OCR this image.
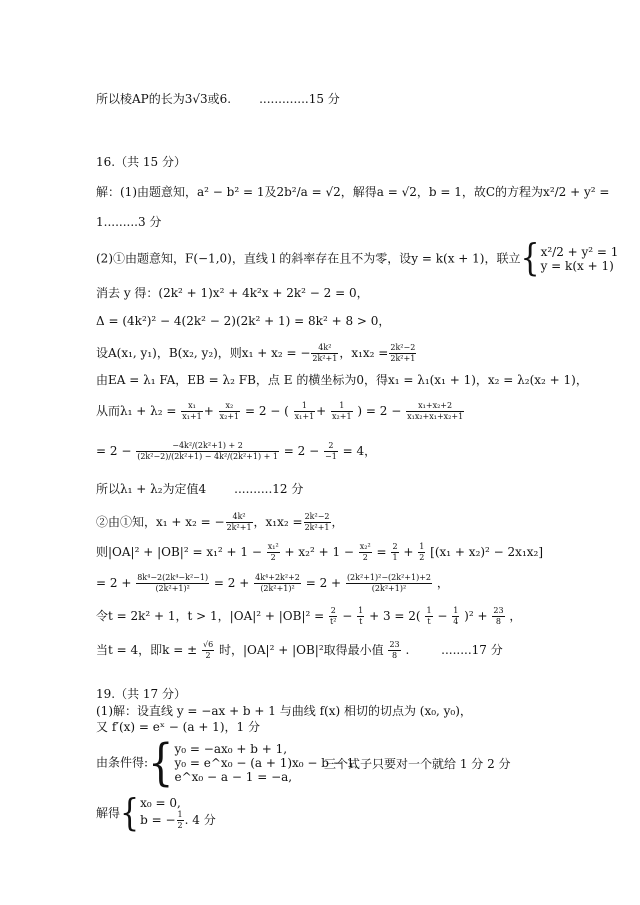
所以棱AP的长为3√3或6. .............15 分
16.（共 15 分）
解：(1)由题意知，a² − b² = 1及2b²/a = √2，解得a = √2，b = 1，故C的方程为x²/2 + y² =
1.........3 分
(2)①由题意知，F(−1,0)，直线 l 的斜率存在且不为零，设y = k(x + 1)，联立{ x²/2 + y² = 1
y = k(x + 1)
消去 y 得：(2k² + 1)x² + 4k²x + 2k² − 2 = 0，
Δ = (4k²)² − 4(2k² − 2)(2k² + 1) = 8k² + 8 > 0，
设A(x₁, y₁)，B(x₂, y₂)，则x₁ + x₂ = − $\frac{\text{4k²}}{\text{2k²+1}}$ ，$x_1x_2 = \frac{\text{2k²−2}}{\text{2k²+1}}$
由EA = λ₁ FA，EB = λ₂ FB，点 E 的横坐标为0，得x₁ = λ₁(x₁ + 1)，x₂ = λ₂(x₂ + 1)，
从而$\lambda_1 + \lambda_2 = \frac{\text{x₁}}{\text{x₁+1}} + \frac{\text{x₂}}{\text{x₂+1}} = 2$ − ( $\frac{1}{\text{x₁+1}} + \frac{1}{\text{x₂+1}}$ ) = $2 - \frac{\text{x₁+x₂+2}}{\text{x₁x₂+x₁+x₂+1}}$
= $2 - \frac{\text{−4k²/(2k²+1) + 2}}{\text{(2k²−2)/(2k²+1) − 4k²/(2k²+1) + 1}} = 2 - \frac{2}{-1} = 4$，
所以λ₁ + λ₂为定值4 ..........12 分
②由①知，x₁ + x₂ = − $\frac{\text{4k²}}{\text{2k²+1}}$ ，$x_1x_2 = \frac{\text{2k²−2}}{\text{2k²+1}}$ ，
则$|OA|^2 + |OB|^2 = x_1^2 + 1 - \frac{\text{x₁²}}{2} + x_2^2 + 1 - \frac{\text{x₂²}}{2} = \frac{2}{1} + \frac{1}{2} [(x_1 + x_2)^2 - 2x_1x_2]$
= $2 + \frac{\text{8k⁴−2(2k⁴−k²−1)}}{\text{(2k²+1)²}} = 2 + \frac{\text{4k⁴+2k²+2}}{\text{(2k²+1)²}} = 2 + \frac{\text{(2k²+1)²−(2k²+1)+2}}{\text{(2k²+1)²}}$ ，
令t = 2k² + 1，t > 1，$|OA|^2 + |OB|^2 = \frac{2}{\text{t²}} - \frac{1}{t} + 3 = 2( \frac{1}{t} - \frac{1}{4} )^2 + \frac{23}{8}$ ，
当t = 4，即k = ± $\frac{√6}{2}$ 时，|OA|² + |OB|²取得最小值 $\frac{23}{8}$ .	........17 分
19.（共 17 分）
(1)解：设直线 y = −ax + b + 1 与曲线 f(x) 相切的切点为 (x₀, y₀)，
又 f′(x) = eˣ − (a + 1)，1 分
由条件得:{ y₀ = −ax₀ + b + 1,
y₀ = e^x₀ − (a + 1)x₀ − b − 1,
e^x₀ − a − 1 = −a,
三个式子只要对一个就给 1 分 2 分
解得{ x₀ = 0,
b = − $\frac{1}{2}$ . 4 分
